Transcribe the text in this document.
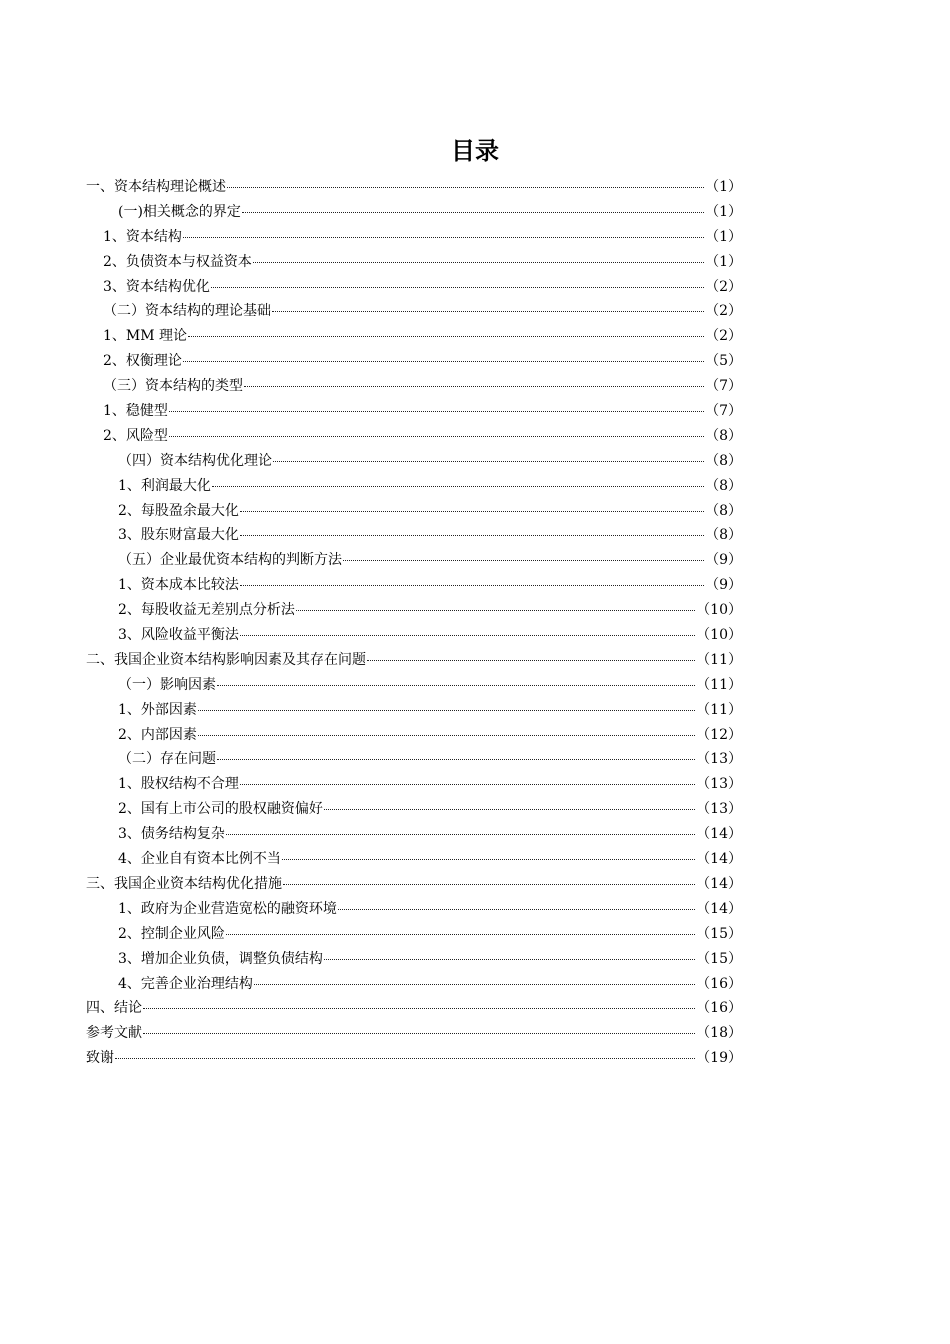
目录
一、资本结构理论概述	（1）
(一)相关概念的界定	（1）
1、资本结构	（1）
2、负债资本与权益资本	（1）
3、资本结构优化	（2）
（二）资本结构的理论基础	（2）
1、MM 理论	（2）
2、权衡理论	（5）
（三）资本结构的类型	（7）
1、稳健型	（7）
2、风险型	（8）
（四）资本结构优化理论	（8）
1、利润最大化	（8）
2、每股盈余最大化	（8）
3、股东财富最大化	（8）
（五）企业最优资本结构的判断方法	（9）
1、资本成本比较法	（9）
2、每股收益无差别点分析法	（10）
3、风险收益平衡法	（10）
二、我国企业资本结构影响因素及其存在问题	（11）
（一）影响因素	（11）
1、外部因素	（11）
2、内部因素	（12）
（二）存在问题	（13）
1、股权结构不合理	（13）
2、国有上市公司的股权融资偏好	（13）
3、债务结构复杂	（14）
4、企业自有资本比例不当	（14）
三、我国企业资本结构优化措施	（14）
1、政府为企业营造宽松的融资环境	（14）
2、控制企业风险	（15）
3、增加企业负债，调整负债结构	（15）
4、完善企业治理结构	（16）
四、结论	（16）
参考文献	（18）
致谢	（19）
